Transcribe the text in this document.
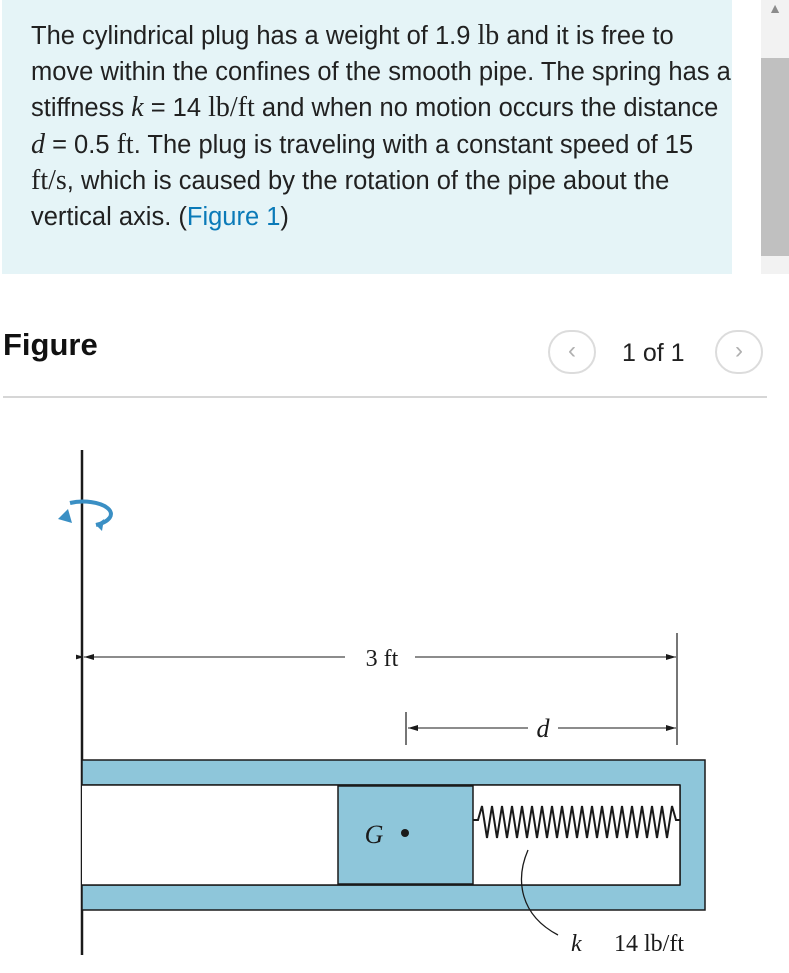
The cylindrical plug has a weight of 1.9 lb and it is free to move within the confines of the smooth pipe. The spring has a stiffness k = 14 lb/ft and when no motion occurs the distance d = 0.5 ft. The plug is traveling with a constant speed of 15 ft/s, which is caused by the rotation of the pipe about the vertical axis. (Figure 1)
▲
Figure	‹	1 of 1	›
3 ft
d
G
k 14 lb/ft
